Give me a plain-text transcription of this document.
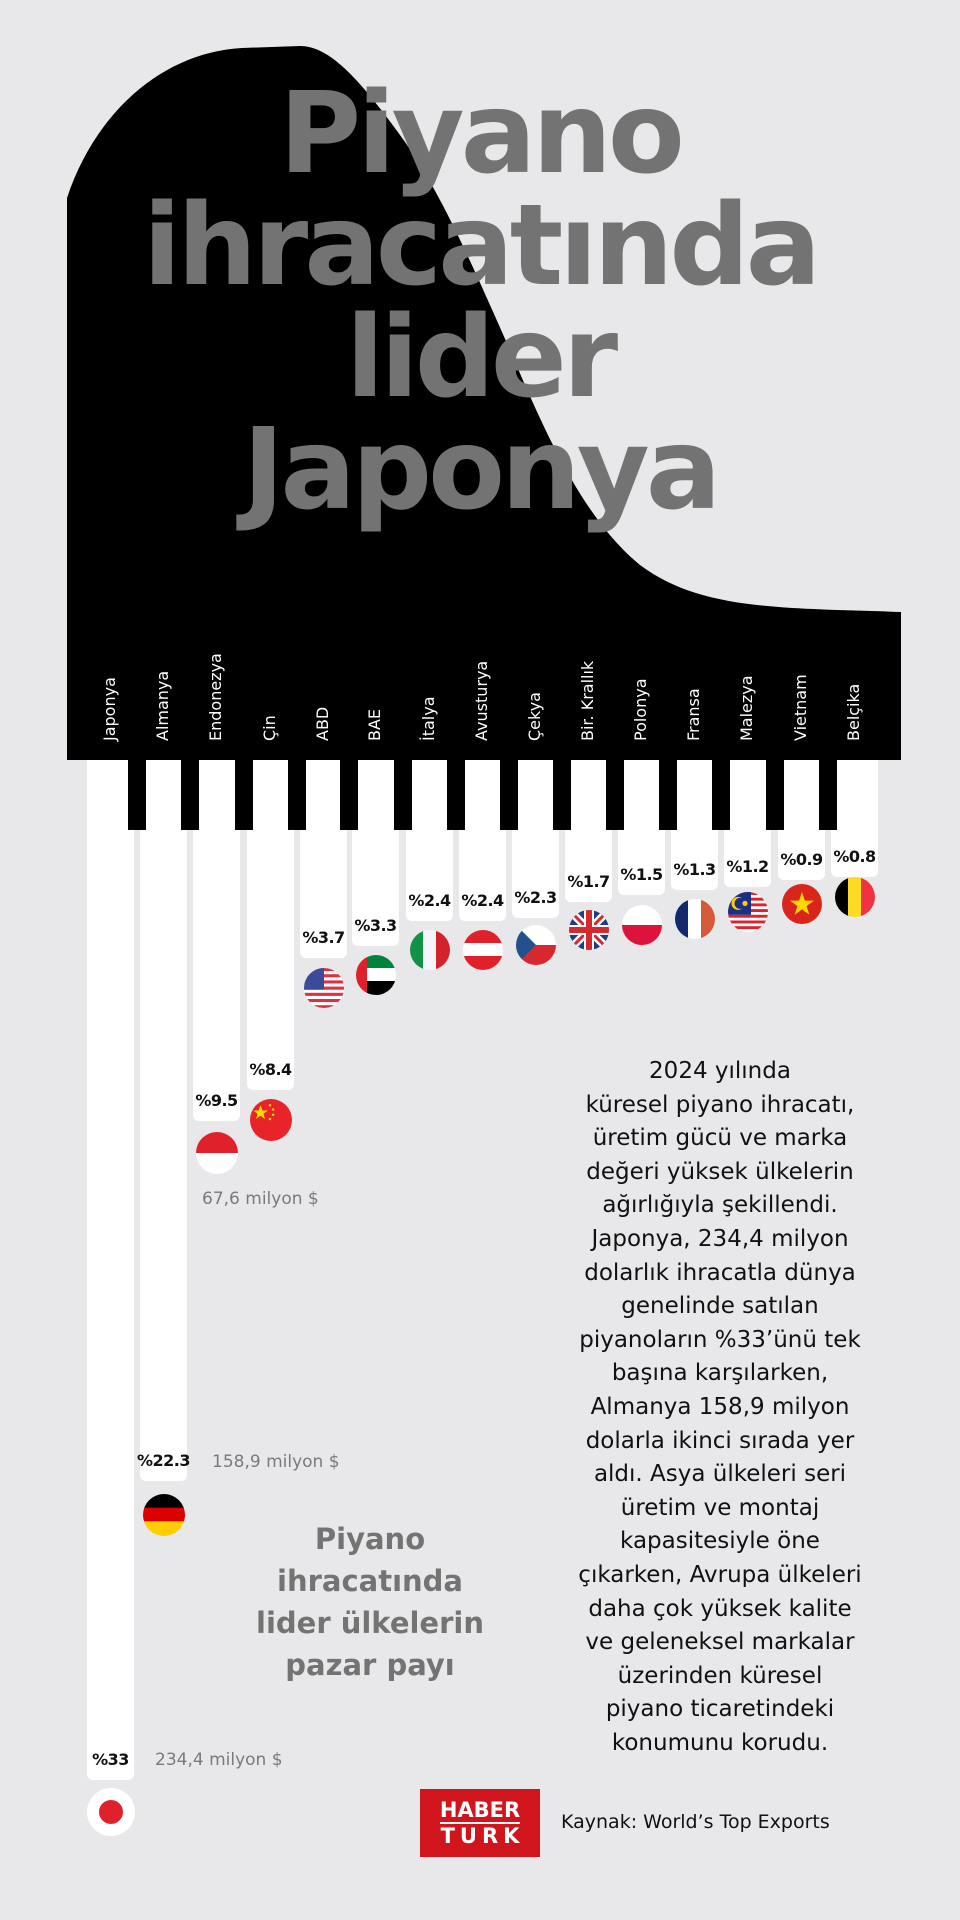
Piyano
ihracatında
lider
Japonya
Japonya Almanya Endonezya Çin ABD BAE İtalya Avusturya Çekya Bir. Krallık Polonya Fransa Malezya Vietnam Belçika
%33	234,4 milyon $
%22.3 158,9 milyon $
%9.5
67,6 milyon $
%8.4
%3.7
%3.3
%2.4 %2.4 %2.3
%1.7 %1.5 %1.3 %1.2 %0.9 %0.8
Piyano
ihracatında
lider ülkelerin
pazar payı

2024 yılında
küresel piyano ihracatı,
üretim gücü ve marka
değeri yüksek ülkelerin
ağırlığıyla şekillendi.
Japonya, 234,4 milyon
dolarlık ihracatla dünya
genelinde satılan
piyanoların %33’ünü tek
başına karşılarken,
Almanya 158,9 milyon
dolarla ikinci sırada yer
aldı. Asya ülkeleri seri
üretim ve montaj
kapasitesiyle öne
çıkarken, Avrupa ülkeleri
daha çok yüksek kalite
ve geleneksel markalar
üzerinden küresel
piyano ticaretindeki
konumunu korudu.

HABER
TURK
Kaynak: World’s Top Exports
